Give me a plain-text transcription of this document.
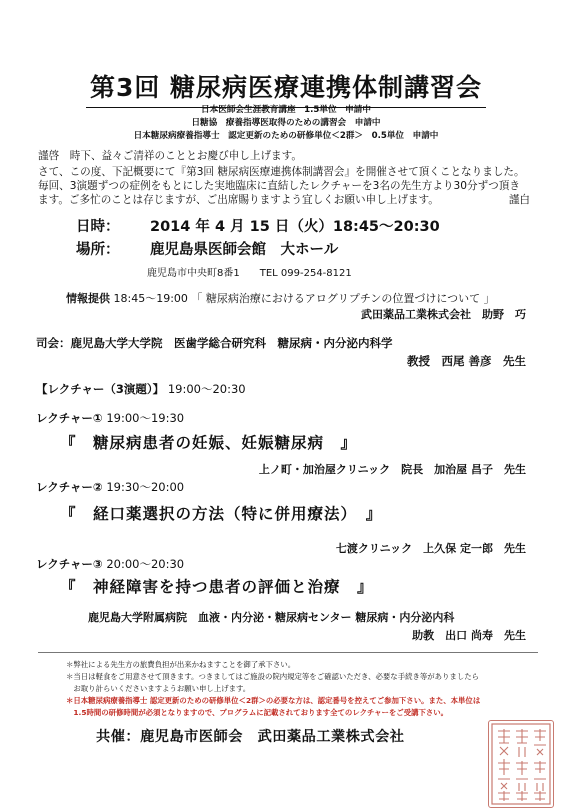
第3回 糖尿病医療連携体制講習会
日本医師会生涯教育講座　1.5単位　申請中
日糖協　療養指導医取得のための講習会　申請中
日本糖尿病療養指導士　認定更新のための研修単位＜2群＞　0.5単位　申請中
謹啓　時下、益々ご清祥のこととお慶び申し上げます。
さて、この度、下記概要にて『第3回 糖尿病医療連携体制講習会』を開催させて頂くことなりました。
毎回、3演題ずつの症例をもとにした実地臨床に直結したレクチャーを3名の先生方より30分ずつ頂き
ます。ご多忙のことは存じますが、ご出席賜りますよう宜しくお願い申し上げます。	謹白
日時： 2014 年 4 月 15 日（火）18:45～20:30
場所： 鹿児島県医師会館　大ホール
鹿児島市中央町8番1　　TEL 099-254-8121
情報提供 18:45～19:00 「 糖尿病治療におけるアログリプチンの位置づけについて 」
武田薬品工業株式会社　助野　巧
司会：鹿児島大学大学院　医歯学総合研究科　糖尿病・内分泌内科学
教授　西尾 善彦　先生
【レクチャー（3演題）】 19:00～20:30
レクチャー① 19:00～19:30
『　糖尿病患者の妊娠、妊娠糖尿病　』
上ノ町・加治屋クリニック　院長　加治屋 昌子　先生
レクチャー② 19:30～20:00
『　経口薬選択の方法（特に併用療法）　』
七渡クリニック　上久保 定一郎　先生
レクチャー③ 20:00～20:30
『　神経障害を持つ患者の評価と治療　』
鹿児島大学附属病院　血液・内分泌・糖尿病センター 糖尿病・内分泌内科
助教　出口 尚寿　先生
＊弊社による先生方の旅費負担が出来かねますことを御了承下さい。
＊当日は軽食をご用意させて頂きます。つきましてはご施設の院内規定等をご確認いただき、必要な手続き等がありましたら
　お取り計らいくださいますようお願い申し上げます。
＊日本糖尿病療養指導士 認定更新のための研修単位＜2群＞の必要な方は、認定番号を控えてご参加下さい。また、本単位は
　1.5時間の研修時間が必須となりますので、プログラムに記載されております全てのレクチャーをご受講下さい。
共催：鹿児島市医師会　武田薬品工業株式会社
